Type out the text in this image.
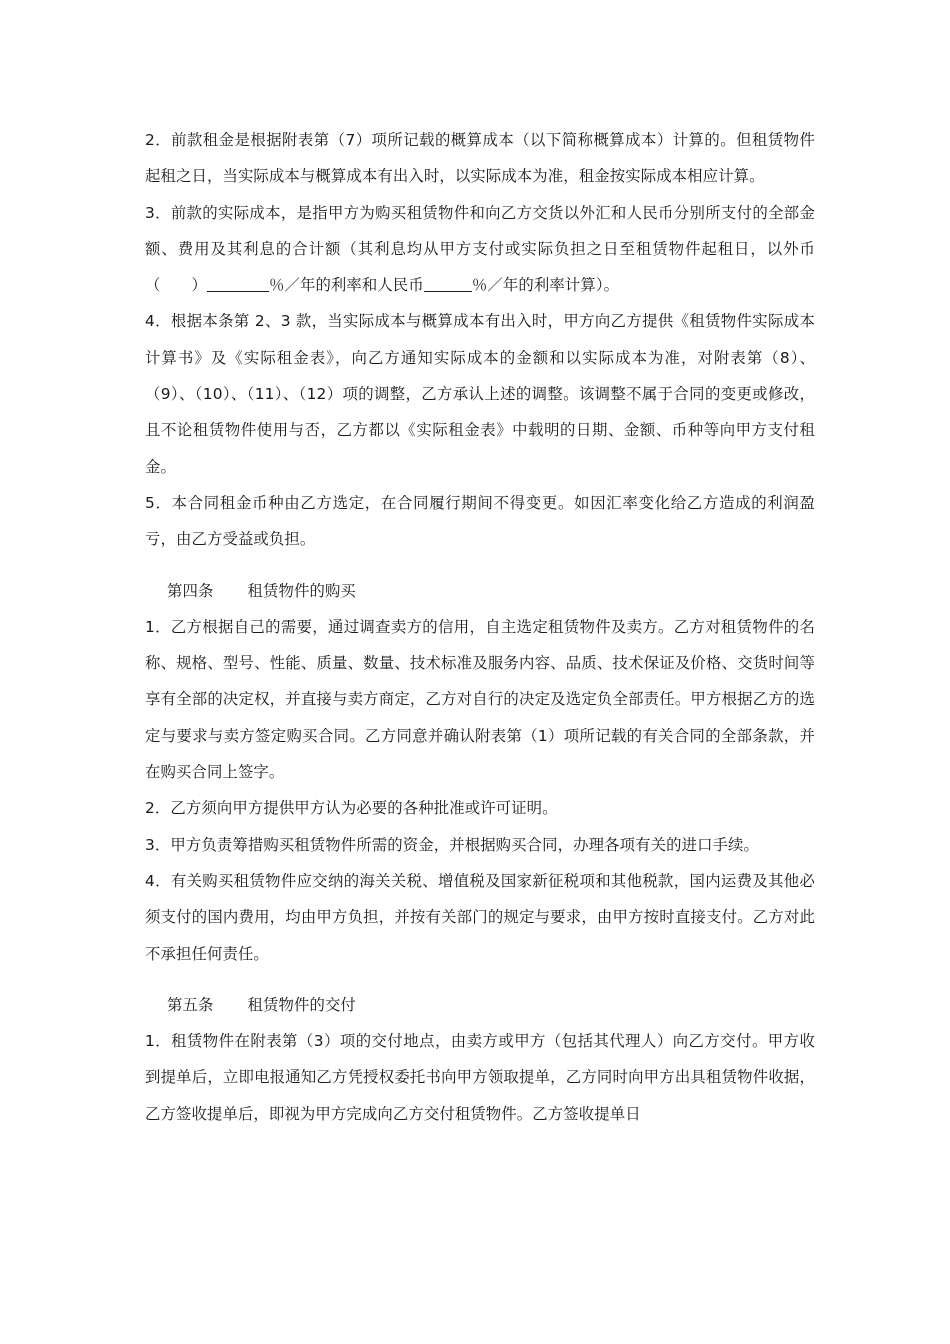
2．前款租金是根据附表第（7）项所记载的概算成本（以下简称概算成本）计算的。但租赁物件起租之日，当实际成本与概算成本有出入时，以实际成本为准，租金按实际成本相应计算。

3．前款的实际成本，是指甲方为购买租赁物件和向乙方交货以外汇和人民币分别所支付的全部金额、费用及其利息的合计额（其利息均从甲方支付或实际负担之日至租赁物件起租日，以外币（　　）	％／年的利率和人民币	％／年的利率计算）。

4．根据本条第 2、3 款，当实际成本与概算成本有出入时，甲方向乙方提供《租赁物件实际成本计算书》及《实际租金表》，向乙方通知实际成本的金额和以实际成本为准，对附表第（8）、（9）、（10）、（11）、（12）项的调整，乙方承认上述的调整。该调整不属于合同的变更或修改，且不论租赁物件使用与否，乙方都以《实际租金表》中载明的日期、金额、币种等向甲方支付租金。

5．本合同租金币种由乙方选定，在合同履行期间不得变更。如因汇率变化给乙方造成的利润盈亏，由乙方受益或负担。

第四条 租赁物件的购买

1．乙方根据自己的需要，通过调查卖方的信用，自主选定租赁物件及卖方。乙方对租赁物件的名称、规格、型号、性能、质量、数量、技术标准及服务内容、品质、技术保证及价格、交货时间等享有全部的决定权，并直接与卖方商定，乙方对自行的决定及选定负全部责任。甲方根据乙方的选定与要求与卖方签定购买合同。乙方同意并确认附表第（1）项所记载的有关合同的全部条款，并在购买合同上签字。

2．乙方须向甲方提供甲方认为必要的各种批准或许可证明。

3．甲方负责筹措购买租赁物件所需的资金，并根据购买合同，办理各项有关的进口手续。

4．有关购买租赁物件应交纳的海关关税、增值税及国家新征税项和其他税款，国内运费及其他必须支付的国内费用，均由甲方负担，并按有关部门的规定与要求，由甲方按时直接支付。乙方对此不承担任何责任。

第五条 租赁物件的交付

1．租赁物件在附表第（3）项的交付地点，由卖方或甲方（包括其代理人）向乙方交付。甲方收到提单后，立即电报通知乙方凭授权委托书向甲方领取提单，乙方同时向甲方出具租赁物件收据，乙方签收提单后，即视为甲方完成向乙方交付租赁物件。乙方签收提单日
